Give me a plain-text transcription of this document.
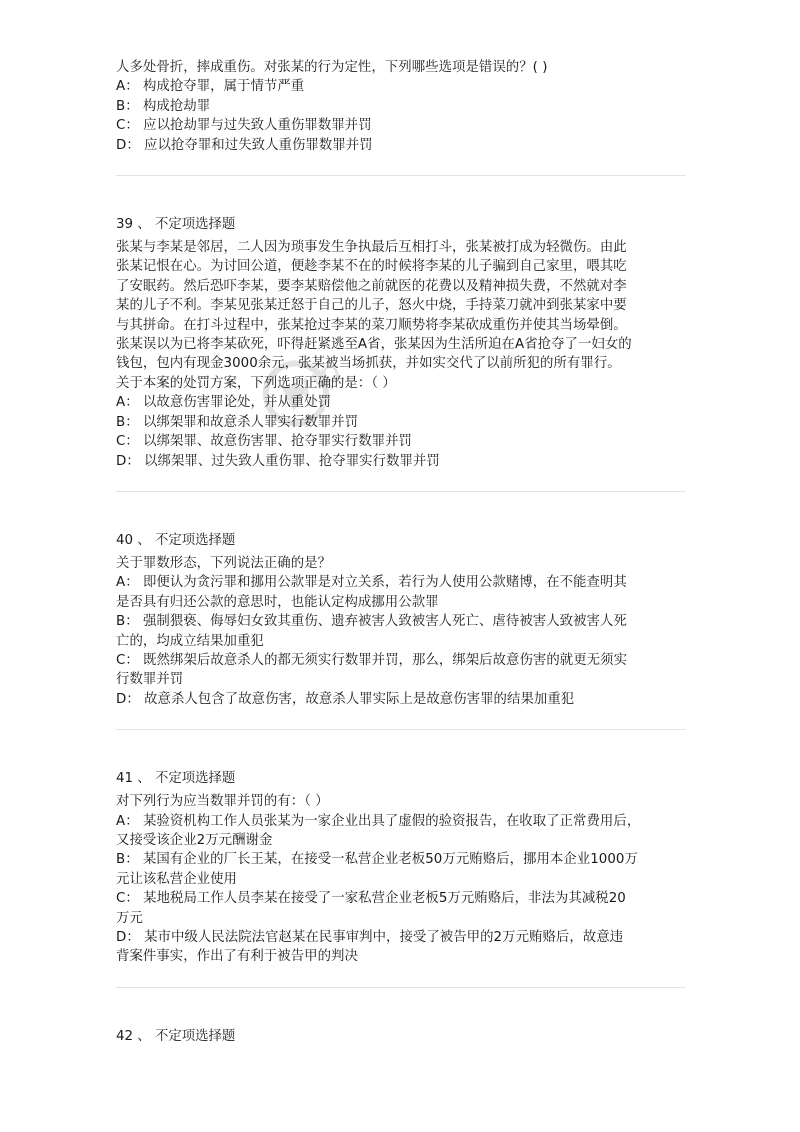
vip
人多处骨折，摔成重伤。对张某的行为定性，下列哪些选项是错误的？( )
A： 构成抢夺罪，属于情节严重
B： 构成抢劫罪
C： 应以抢劫罪与过失致人重伤罪数罪并罚
D： 应以抢夺罪和过失致人重伤罪数罪并罚
39 、 不定项选择题
张某与李某是邻居，二人因为琐事发生争执最后互相打斗，张某被打成为轻微伤。由此
张某记恨在心。为讨回公道，便趁李某不在的时候将李某的儿子骗到自己家里，喂其吃
了安眠药。然后恐吓李某，要李某赔偿他之前就医的花费以及精神损失费，不然就对李
某的儿子不利。李某见张某迁怒于自己的儿子，怒火中烧，手持菜刀就冲到张某家中要
与其拼命。在打斗过程中，张某抢过李某的菜刀顺势将李某砍成重伤并使其当场晕倒。
张某误以为已将李某砍死，吓得赶紧逃至A省，张某因为生活所迫在A省抢夺了一妇女的
钱包，包内有现金3000余元，张某被当场抓获，并如实交代了以前所犯的所有罪行。
关于本案的处罚方案，下列选项正确的是：（ ）
A： 以故意伤害罪论处，并从重处罚
B： 以绑架罪和故意杀人罪实行数罪并罚
C： 以绑架罪、故意伤害罪、抢夺罪实行数罪并罚
D： 以绑架罪、过失致人重伤罪、抢夺罪实行数罪并罚
40 、 不定项选择题
关于罪数形态，下列说法正确的是？
A： 即便认为贪污罪和挪用公款罪是对立关系，若行为人使用公款赌博，在不能查明其
是否具有归还公款的意思时，也能认定构成挪用公款罪
B： 强制猥亵、侮辱妇女致其重伤、遗弃被害人致被害人死亡、虐待被害人致被害人死
亡的，均成立结果加重犯
C： 既然绑架后故意杀人的都无须实行数罪并罚，那么，绑架后故意伤害的就更无须实
行数罪并罚
D： 故意杀人包含了故意伤害，故意杀人罪实际上是故意伤害罪的结果加重犯
41 、 不定项选择题
对下列行为应当数罪并罚的有：（ ）
A： 某验资机构工作人员张某为一家企业出具了虚假的验资报告，在收取了正常费用后，
又接受该企业2万元酬谢金
B： 某国有企业的厂长王某，在接受一私营企业老板50万元贿赂后，挪用本企业1000万
元让该私营企业使用
C： 某地税局工作人员李某在接受了一家私营企业老板5万元贿赂后，非法为其减税20
万元
D： 某市中级人民法院法官赵某在民事审判中，接受了被告甲的2万元贿赂后，故意违
背案件事实，作出了有利于被告甲的判决
42 、 不定项选择题
